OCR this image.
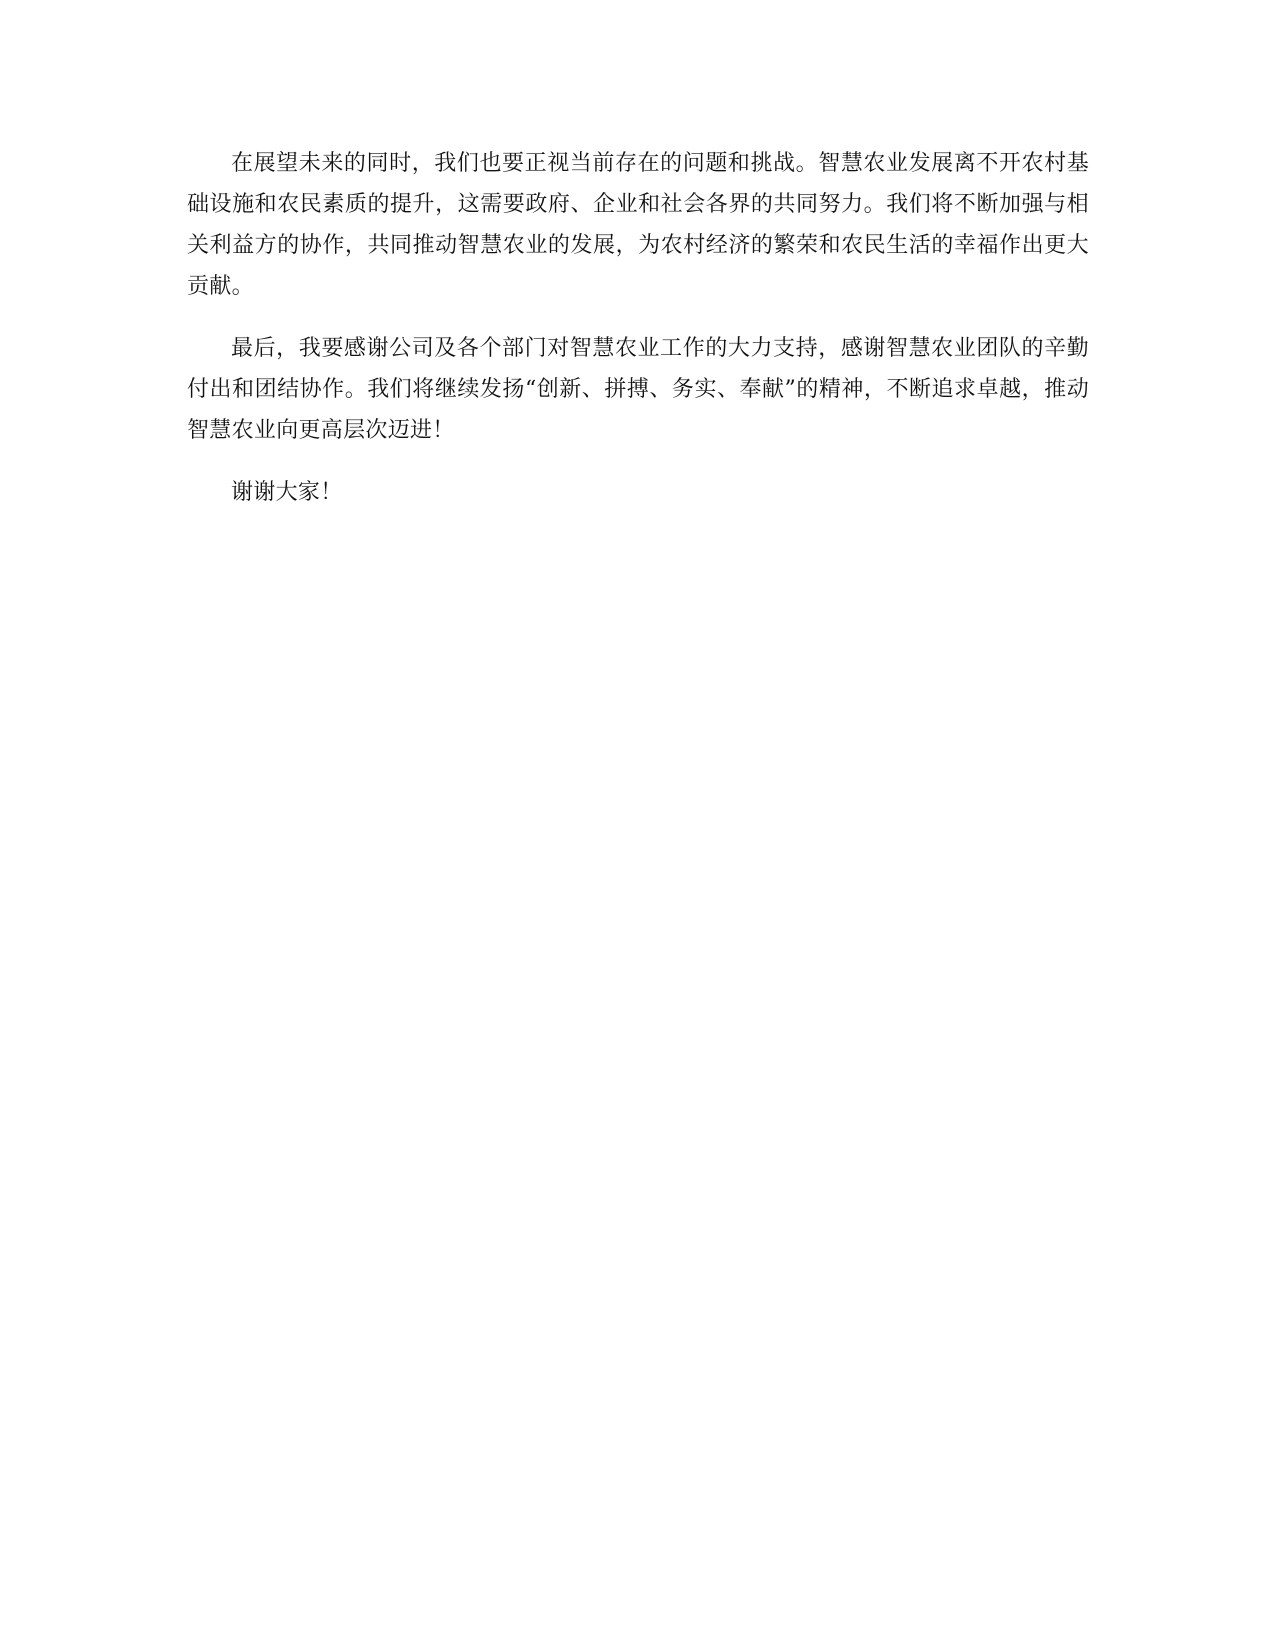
在展望未来的同时，我们也要正视当前存在的问题和挑战。智慧农业发展离不开农村基础设施和农民素质的提升，这需要政府、企业和社会各界的共同努力。我们将不断加强与相关利益方的协作，共同推动智慧农业的发展，为农村经济的繁荣和农民生活的幸福作出更大贡献。

最后，我要感谢公司及各个部门对智慧农业工作的大力支持，感谢智慧农业团队的辛勤付出和团结协作。我们将继续发扬“创新、拼搏、务实、奉献”的精神，不断追求卓越，推动智慧农业向更高层次迈进！

谢谢大家！
